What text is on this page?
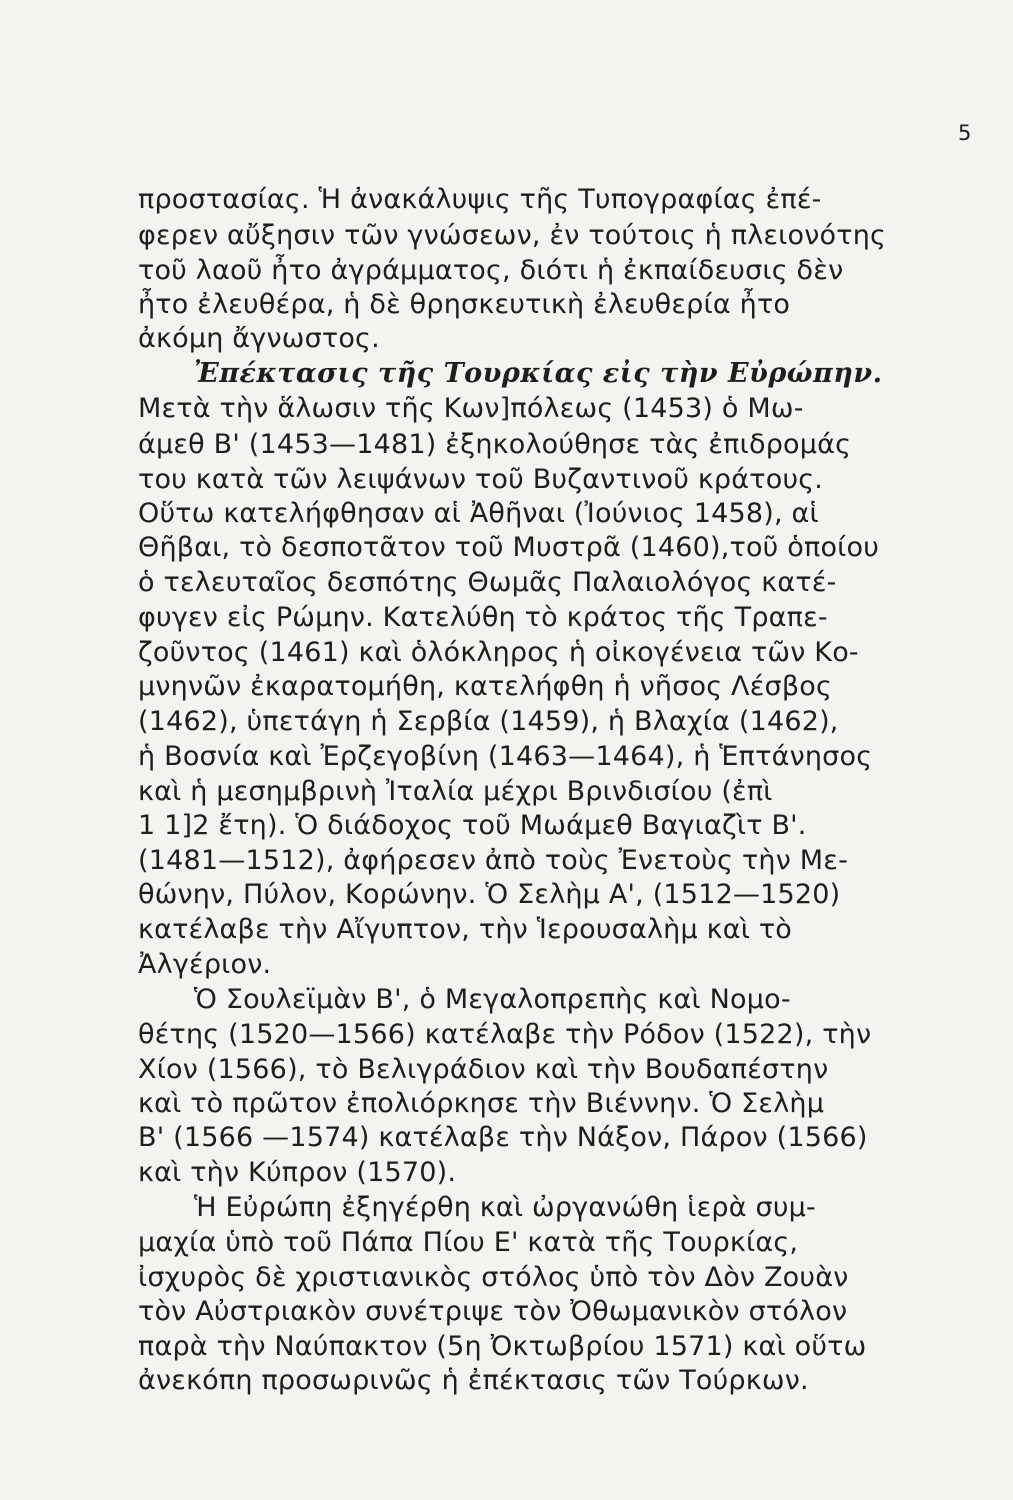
5
προστασίας. Ἡ ἀνακάλυψις τῆς Τυπογραφίας ἐπέ-
φερεν αὔξησιν τῶν γνώσεων, ἐν τούτοις ἡ πλειονότης
τοῦ λαοῦ ἦτο ἀγράμματος, διότι ἡ ἐκπαίδευσις δὲν
ἦτο ἐλευθέρα, ἡ δὲ θρησκευτικὴ ἐλευθερία ἦτο
ἀκόμη ἄγνωστος.
Ἐπέκτασις τῆς Τουρκίας εἰς τὴν Εὐρώπην.
Μετὰ τὴν ἅλωσιν τῆς Κων]πόλεως (1453) ὁ Μω-
άμεθ Β' (1453—1481) ἐξηκολούθησε τὰς ἐπιδρομάς
του κατὰ τῶν λειψάνων τοῦ Βυζαντινοῦ κράτους.
Οὕτω κατελήφθησαν αἱ Ἀθῆναι (Ἰούνιος 1458), αἱ
Θῆβαι, τὸ δεσποτᾶτον τοῦ Μυστρᾶ (1460),τοῦ ὁποίου
ὁ τελευταῖος δεσπότης Θωμᾶς Παλαιολόγος κατέ-
φυγεν εἰς Ρώμην. Κατελύθη τὸ κράτος τῆς Τραπε-
ζοῦντος (1461) καὶ ὁλόκληρος ἡ οἰκογένεια τῶν Κο-
μνηνῶν ἐκαρατομήθη, κατελήφθη ἡ νῆσος Λέσβος
(1462), ὑπετάγη ἡ Σερβία (1459), ἡ Βλαχία (1462),
ἡ Βοσνία καὶ Ἐρζεγοβίνη (1463—1464), ἡ Ἑπτάνησος
καὶ ἡ μεσημβρινὴ Ἰταλία μέχρι Βρινδισίου (ἐπὶ
1 1]2 ἔτη). Ὁ διάδοχος τοῦ Μωάμεθ Βαγιαζὶτ Β'.
(1481—1512), ἀφήρεσεν ἀπὸ τοὺς Ἐνετοὺς τὴν Με-
θώνην, Πύλον, Κορώνην. Ὁ Σελὴμ Α', (1512—1520)
κατέλαβε τὴν Αἴγυπτον, τὴν Ἱερουσαλὴμ καὶ τὸ
Ἀλγέριον.
Ὁ Σουλεϊμὰν Β', ὁ Μεγαλοπρεπὴς καὶ Νομο-
θέτης (1520—1566) κατέλαβε τὴν Ρόδον (1522), τὴν
Χίον (1566), τὸ Βελιγράδιον καὶ τὴν Βουδαπέστην
καὶ τὸ πρῶτον ἐπολιόρκησε τὴν Βιέννην. Ὁ Σελὴμ
Β' (1566 —1574) κατέλαβε τὴν Νάξον, Πάρον (1566)
καὶ τὴν Κύπρον (1570).
Ἡ Εὐρώπη ἐξηγέρθη καὶ ὠργανώθη ἱερὰ συμ-
μαχία ὑπὸ τοῦ Πάπα Πίου Ε' κατὰ τῆς Τουρκίας,
ἰσχυρὸς δὲ χριστιανικὸς στόλος ὑπὸ τὸν Δὸν Ζουὰν
τὸν Αὐστριακὸν συνέτριψε τὸν Ὀθωμανικὸν στόλον
παρὰ τὴν Ναύπακτον (5η Ὀκτωβρίου 1571) καὶ οὕτω
ἀνεκόπη προσωρινῶς ἡ ἐπέκτασις τῶν Τούρκων.
